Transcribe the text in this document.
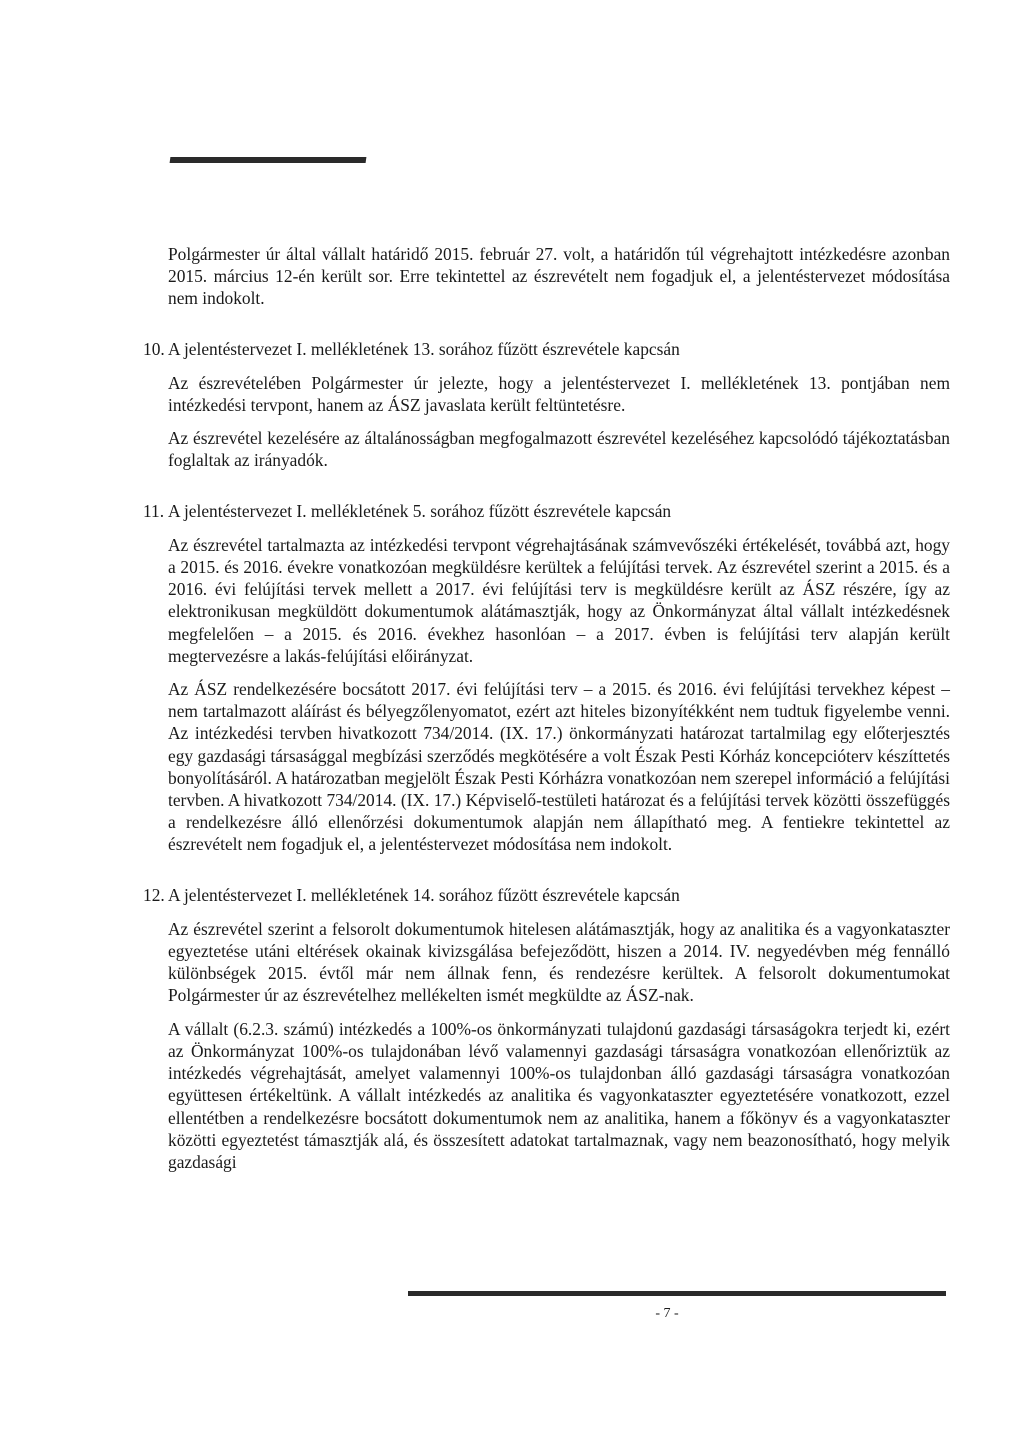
Polgármester úr által vállalt határidő 2015. február 27. volt, a határidőn túl végrehajtott intézkedésre azonban 2015. március 12-én került sor. Erre tekintettel az észrevételt nem fogadjuk el, a jelentéstervezet módosítása nem indokolt.

10. A jelentéstervezet I. mellékletének 13. sorához fűzött észrevétele kapcsán

Az észrevételében Polgármester úr jelezte, hogy a jelentéstervezet I. mellékletének 13. pontjában nem intézkedési tervpont, hanem az ÁSZ javaslata került feltüntetésre.

Az észrevétel kezelésére az általánosságban megfogalmazott észrevétel kezeléséhez kapcsolódó tájékoztatásban foglaltak az irányadók.

11. A jelentéstervezet I. mellékletének 5. sorához fűzött észrevétele kapcsán

Az észrevétel tartalmazta az intézkedési tervpont végrehajtásának számvevőszéki értékelését, továbbá azt, hogy a 2015. és 2016. évekre vonatkozóan megküldésre kerültek a felújítási tervek. Az észrevétel szerint a 2015. és a 2016. évi felújítási tervek mellett a 2017. évi felújítási terv is megküldésre került az ÁSZ részére, így az elektronikusan megküldött dokumentumok alátámasztják, hogy az Önkormányzat által vállalt intézkedésnek megfelelően – a 2015. és 2016. évekhez hasonlóan – a 2017. évben is felújítási terv alapján került megtervezésre a lakás-felújítási előirányzat.

Az ÁSZ rendelkezésére bocsátott 2017. évi felújítási terv – a 2015. és 2016. évi felújítási tervekhez képest – nem tartalmazott aláírást és bélyegzőlenyomatot, ezért azt hiteles bizonyítékként nem tudtuk figyelembe venni. Az intézkedési tervben hivatkozott 734/2014. (IX. 17.) önkormányzati határozat tartalmilag egy előterjesztés egy gazdasági társasággal megbízási szerződés megkötésére a volt Észak Pesti Kórház koncepcióterv készíttetés bonyolításáról. A határozatban megjelölt Észak Pesti Kórházra vonatkozóan nem szerepel információ a felújítási tervben. A hivatkozott 734/2014. (IX. 17.) Képviselő-testületi határozat és a felújítási tervek közötti összefüggés a rendelkezésre álló ellenőrzési dokumentumok alapján nem állapítható meg. A fentiekre tekintettel az észrevételt nem fogadjuk el, a jelentéstervezet módosítása nem indokolt.

12. A jelentéstervezet I. mellékletének 14. sorához fűzött észrevétele kapcsán

Az észrevétel szerint a felsorolt dokumentumok hitelesen alátámasztják, hogy az analitika és a vagyonkataszter egyeztetése utáni eltérések okainak kivizsgálása befejeződött, hiszen a 2014. IV. negyedévben még fennálló különbségek 2015. évtől már nem állnak fenn, és rendezésre kerültek. A felsorolt dokumentumokat Polgármester úr az észrevételhez mellékelten ismét megküldte az ÁSZ-nak.

A vállalt (6.2.3. számú) intézkedés a 100%-os önkormányzati tulajdonú gazdasági társaságokra terjedt ki, ezért az Önkormányzat 100%-os tulajdonában lévő valamennyi gazdasági társaságra vonatkozóan ellenőriztük az intézkedés végrehajtását, amelyet valamennyi 100%-os tulajdonban álló gazdasági társaságra vonatkozóan együttesen értékeltünk. A vállalt intézkedés az analitika és vagyonkataszter egyeztetésére vonatkozott, ezzel ellentétben a rendelkezésre bocsátott dokumentumok nem az analitika, hanem a főkönyv és a vagyonkataszter közötti egyeztetést támasztják alá, és összesített adatokat tartalmaznak, vagy nem beazonosítható, hogy melyik gazdasági

- 7 -
